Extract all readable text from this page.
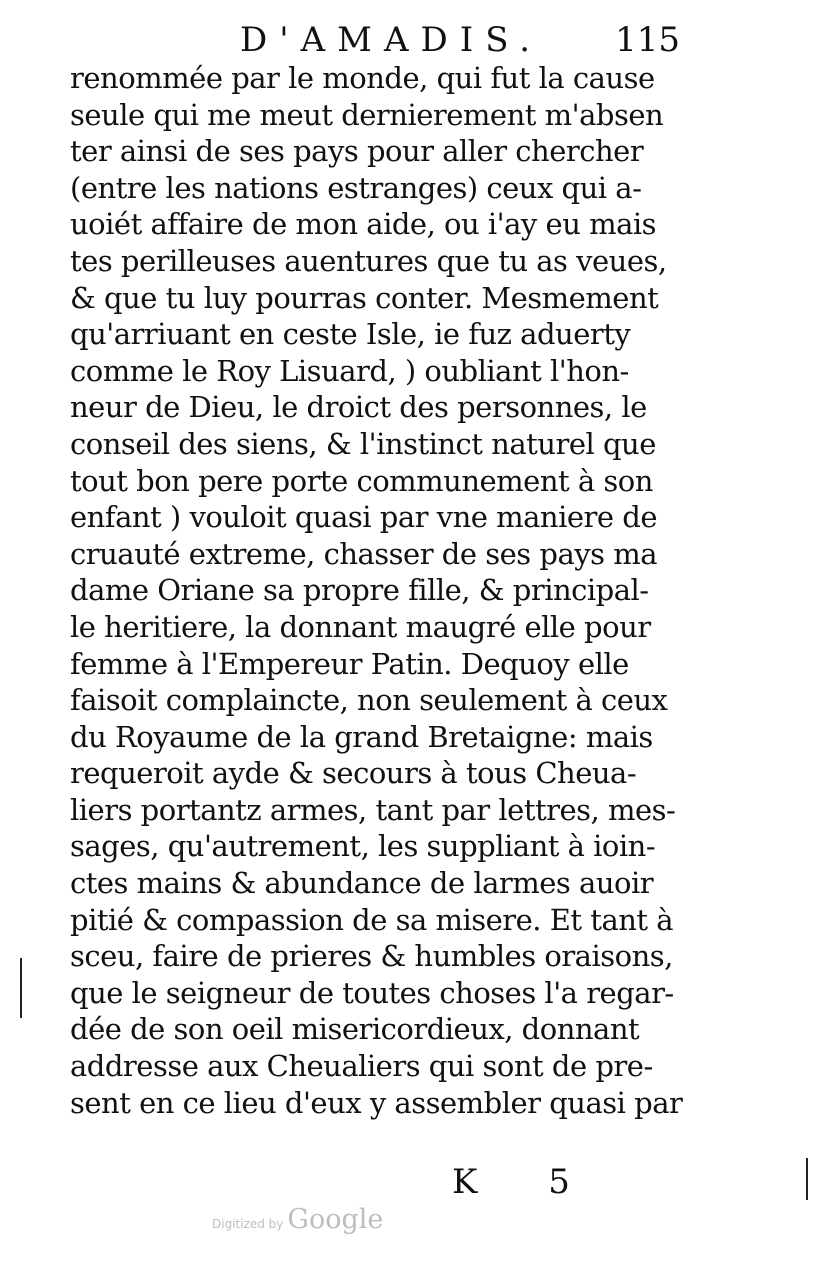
D'AMADIS. 115
renommée par le monde, qui fut la cause
seule qui me meut dernierement m'absen
ter ainsi de ses pays pour aller chercher
(entre les nations estranges) ceux qui a-
uoiét affaire de mon aide, ou i'ay eu mais
tes perilleuses auentures que tu as veues,
& que tu luy pourras conter. Mesmement
qu'arriuant en ceste Isle, ie fuz aduerty
comme le Roy Lisuard, ) oubliant l'hon-
neur de Dieu, le droict des personnes, le
conseil des siens, & l'instinct naturel que
tout bon pere porte communement à son
enfant ) vouloit quasi par vne maniere de
cruauté extreme, chasser de ses pays ma
dame Oriane sa propre fille, & principal-
le heritiere, la donnant maugré elle pour
femme à l'Empereur Patin. Dequoy elle
faisoit complaincte, non seulement à ceux
du Royaume de la grand Bretaigne: mais
requeroit ayde & secours à tous Cheua-
liers portantz armes, tant par lettres, mes-
sages, qu'autrement, les suppliant à ioin-
ctes mains & abundance de larmes auoir
pitié & compassion de sa misere. Et tant à
sceu, faire de prieres & humbles oraisons,
que le seigneur de toutes choses l'a regar-
dée de son oeil misericordieux, donnant
addresse aux Cheualiers qui sont de pre-
sent en ce lieu d'eux y assembler quasi par
K 5
Digitized by Google
